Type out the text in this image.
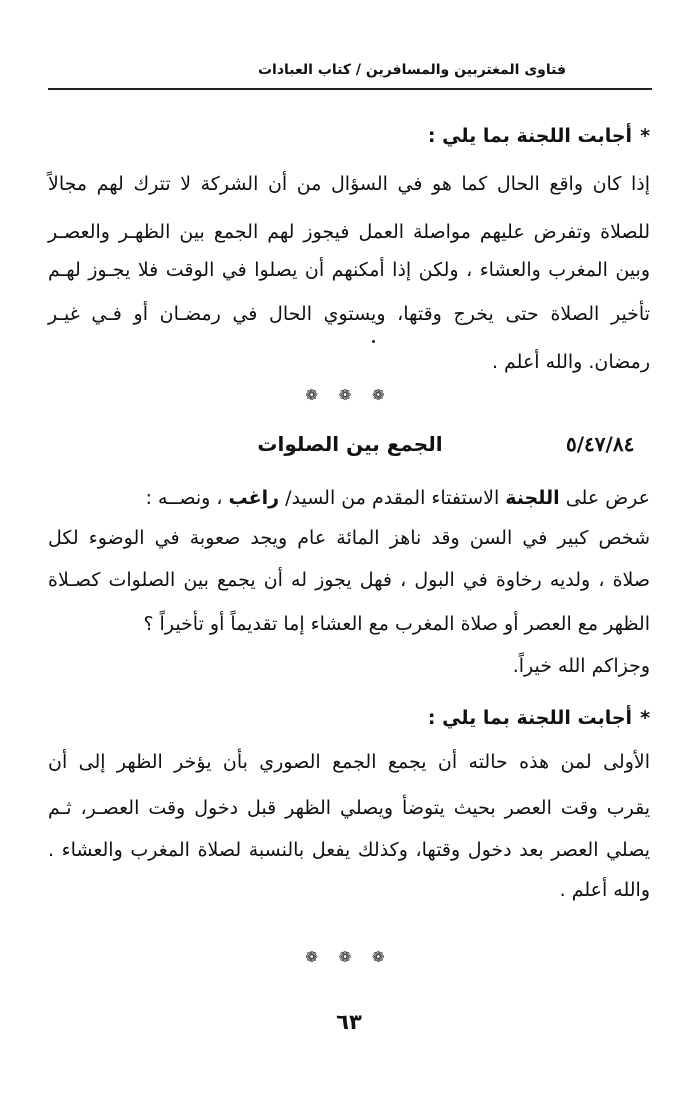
فتاوى المغتربين والمسافرين / كتاب العبادات
*أجابت اللجنة بما يلي :
إذا كان واقع الحال كما هو في السؤال من أن الشركة لا تترك لهم مجالاً
للصلاة وتفرض عليهم مواصلة العمل فيجوز لهم الجمع بين الظهـر والعصـر
وبين المغرب والعشاء ، ولكن إذا أمكنهم أن يصلوا في الوقت فلا يجـوز لهـم
تأخير الصلاة حتى يخرج وقتها، ويستوي الحال في رمضـان أو فـي غيـر
رمضان. والله أعلم .
❁ ❁ ❁
٥/٤٧/٨٤
الجمع بين الصلوات
عرض على اللجنة الاستفتاء المقدم من السيد/ راغب ، ونصــه :
شخص كبير في السن وقد ناهز المائة عام ويجد صعوبة في الوضوء لكل
صلاة ، ولديه رخاوة في البول ، فهل يجوز له أن يجمع بين الصلوات كصـلاة
الظهر مع العصر أو صلاة المغرب مع العشاء إما تقديماً أو تأخيراً ؟
وجزاكم الله خيراً.
*أجابت اللجنة بما يلي :
الأولى لمن هذه حالته أن يجمع الجمع الصوري بأن يؤخر الظهر إلى أن
يقرب وقت العصر بحيث يتوضأ ويصلي الظهر قبل دخول وقت العصـر، ثـم
يصلي العصر بعد دخول وقتها، وكذلك يفعل بالنسبة لصلاة المغرب والعشاء .
والله أعلم .
❁ ❁ ❁
٦٣
